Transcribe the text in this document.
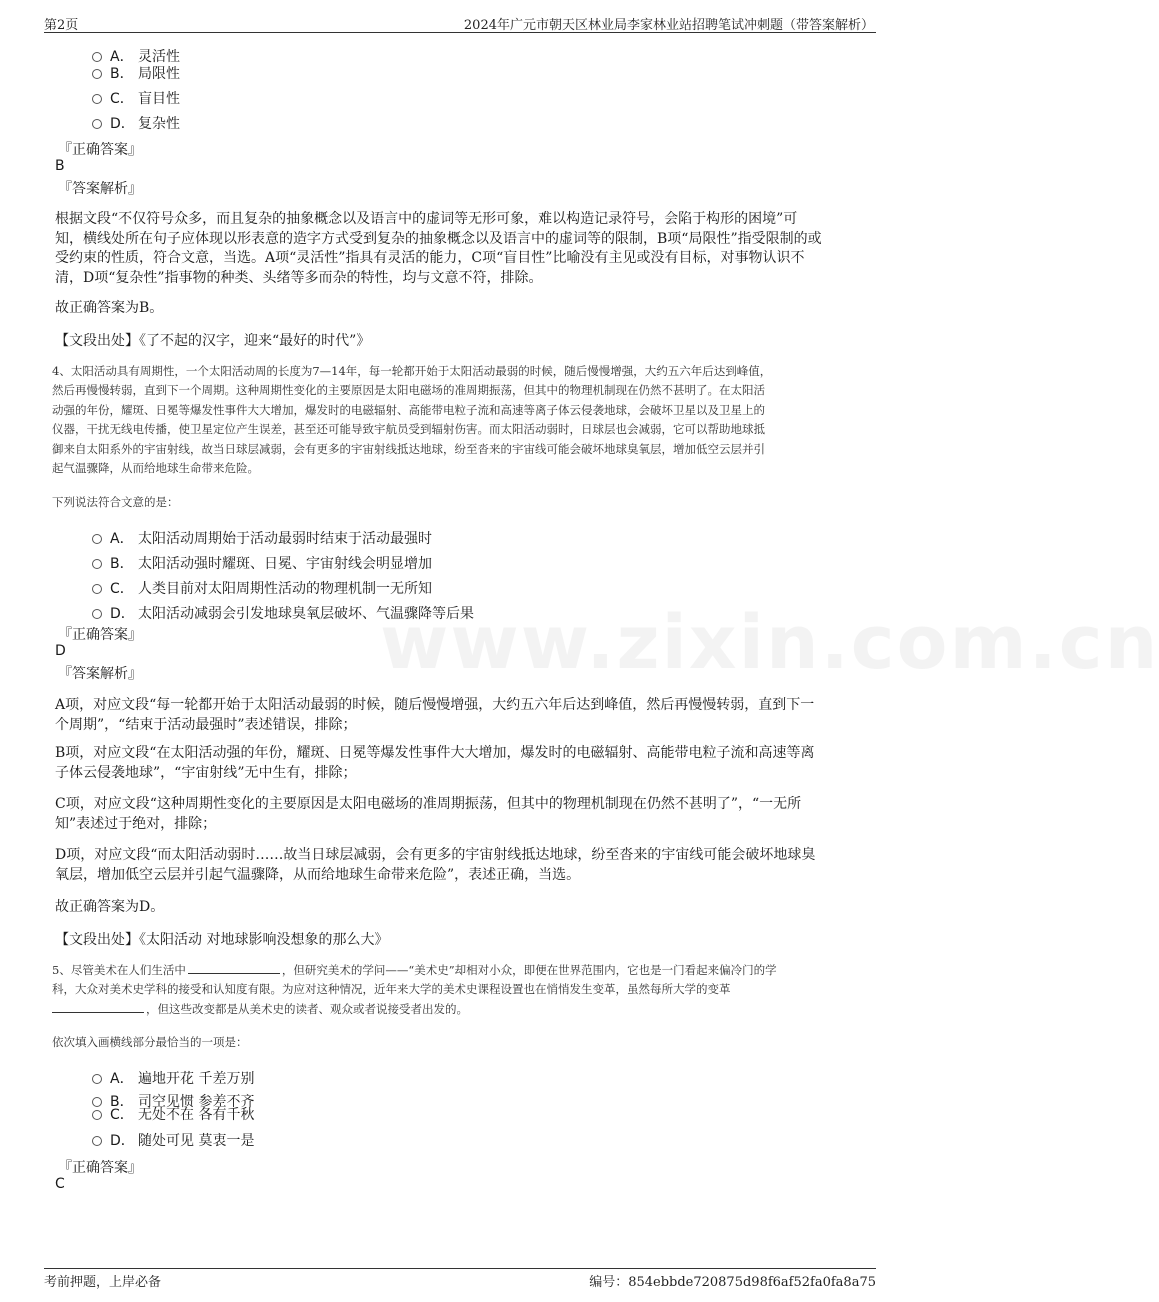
第2页	2024年广元市朝天区林业局李家林业站招聘笔试冲刺题（带答案解析）
www.zixin.com.cn
A． 灵活性
B． 局限性
C． 盲目性
D． 复杂性
『正确答案』
B
『答案解析』
根据文段“不仅符号众多，而且复杂的抽象概念以及语言中的虚词等无形可象，难以构造记录符号，会陷于构形的困境”可
知，横线处所在句子应体现以形表意的造字方式受到复杂的抽象概念以及语言中的虚词等的限制，B项“局限性”指受限制的或
受约束的性质，符合文意，当选。A项“灵活性”指具有灵活的能力，C项“盲目性”比喻没有主见或没有目标，对事物认识不
清，D项“复杂性”指事物的种类、头绪等多而杂的特性，均与文意不符，排除。
故正确答案为B。
【文段出处】《了不起的汉字，迎来“最好的时代”》
4、太阳活动具有周期性，一个太阳活动周的长度为7—14年，每一轮都开始于太阳活动最弱的时候，随后慢慢增强，大约五六年后达到峰值，
然后再慢慢转弱，直到下一个周期。这种周期性变化的主要原因是太阳电磁场的准周期振荡，但其中的物理机制现在仍然不甚明了。在太阳活
动强的年份，耀斑、日冕等爆发性事件大大增加，爆发时的电磁辐射、高能带电粒子流和高速等离子体云侵袭地球，会破坏卫星以及卫星上的
仪器，干扰无线电传播，使卫星定位产生误差，甚至还可能导致宇航员受到辐射伤害。而太阳活动弱时，日球层也会减弱，它可以帮助地球抵
御来自太阳系外的宇宙射线，故当日球层减弱，会有更多的宇宙射线抵达地球，纷至沓来的宇宙线可能会破坏地球臭氧层，增加低空云层并引
起气温骤降，从而给地球生命带来危险。
下列说法符合文意的是：
A． 太阳活动周期始于活动最弱时结束于活动最强时
B． 太阳活动强时耀斑、日冕、宇宙射线会明显增加
C． 人类目前对太阳周期性活动的物理机制一无所知
D． 太阳活动减弱会引发地球臭氧层破坏、气温骤降等后果
『正确答案』
D
『答案解析』
A项，对应文段“每一轮都开始于太阳活动最弱的时候，随后慢慢增强，大约五六年后达到峰值，然后再慢慢转弱，直到下一
个周期”，“结束于活动最强时”表述错误，排除；
B项，对应文段“在太阳活动强的年份，耀斑、日冕等爆发性事件大大增加，爆发时的电磁辐射、高能带电粒子流和高速等离
子体云侵袭地球”，“宇宙射线”无中生有，排除；
C项，对应文段“这种周期性变化的主要原因是太阳电磁场的准周期振荡，但其中的物理机制现在仍然不甚明了”，“一无所
知”表述过于绝对，排除；
D项，对应文段“而太阳活动弱时……故当日球层减弱，会有更多的宇宙射线抵达地球，纷至沓来的宇宙线可能会破坏地球臭
氧层，增加低空云层并引起气温骤降，从而给地球生命带来危险”，表述正确，当选。
故正确答案为D。
【文段出处】《太阳活动 对地球影响没想象的那么大》
5、尽管美术在人们生活中	，但研究美术的学问——“美术史”却相对小众，即便在世界范围内，它也是一门看起来偏冷门的学
科，大众对美术史学科的接受和认知度有限。为应对这种情况，近年来大学的美术史课程设置也在悄悄发生变革，虽然每所大学的变革
，但这些改变都是从美术史的读者、观众或者说接受者出发的。
依次填入画横线部分最恰当的一项是：
A． 遍地开花 千差万别
B． 司空见惯 参差不齐
C． 无处不在 各有千秋
D． 随处可见 莫衷一是
『正确答案』
C
考前押题，上岸必备	编号：854ebbde720875d98f6af52fa0fa8a75
